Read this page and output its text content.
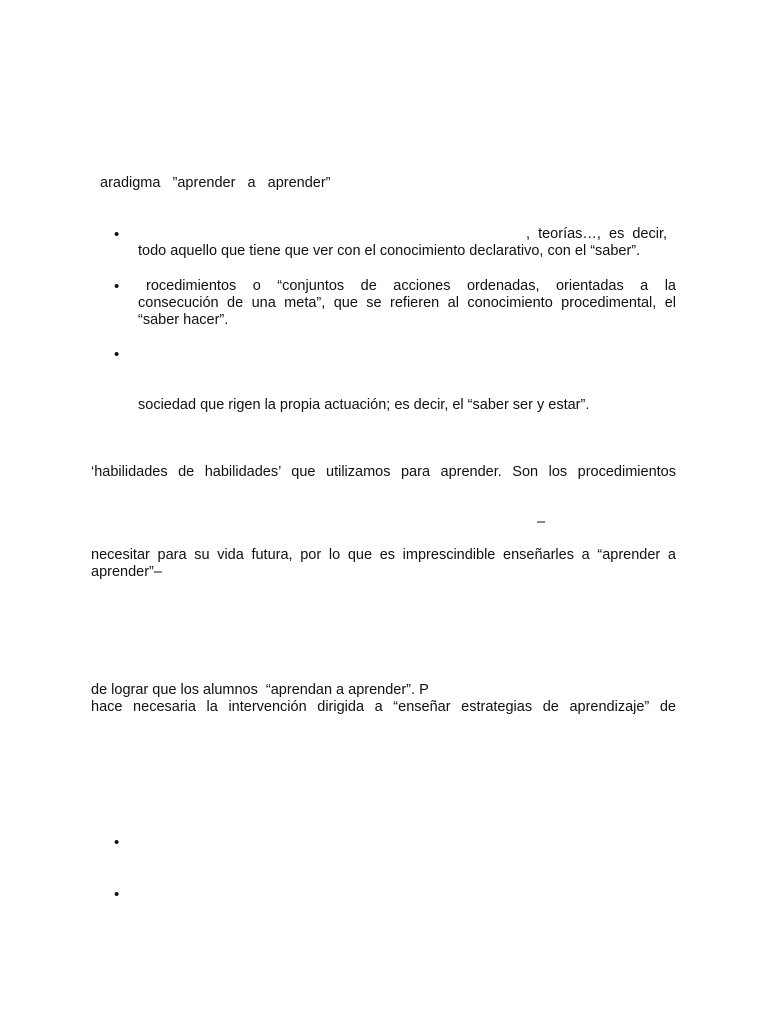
aradigma   ”aprender   a   aprender”
•	,  teorías…,  es  decir,
todo aquello que tiene que ver con el conocimiento declarativo, con el “saber”.
• rocedimientos o “conjuntos de acciones ordenadas, orientadas a la
consecución de una meta”, que se refieren al conocimiento procedimental, el
“saber hacer”.
•
sociedad que rigen la propia actuación; es decir, el “saber ser y estar”.
‘habilidades de habilidades’ que utilizamos para aprender. Son los procedimientos
–
necesitar para su vida futura, por lo que es imprescindible enseñarles a “aprender a
aprender”–
de lograr que los alumnos  “aprendan a aprender”. P
hace necesaria la intervención dirigida a “enseñar estrategias de aprendizaje” de
•
•
